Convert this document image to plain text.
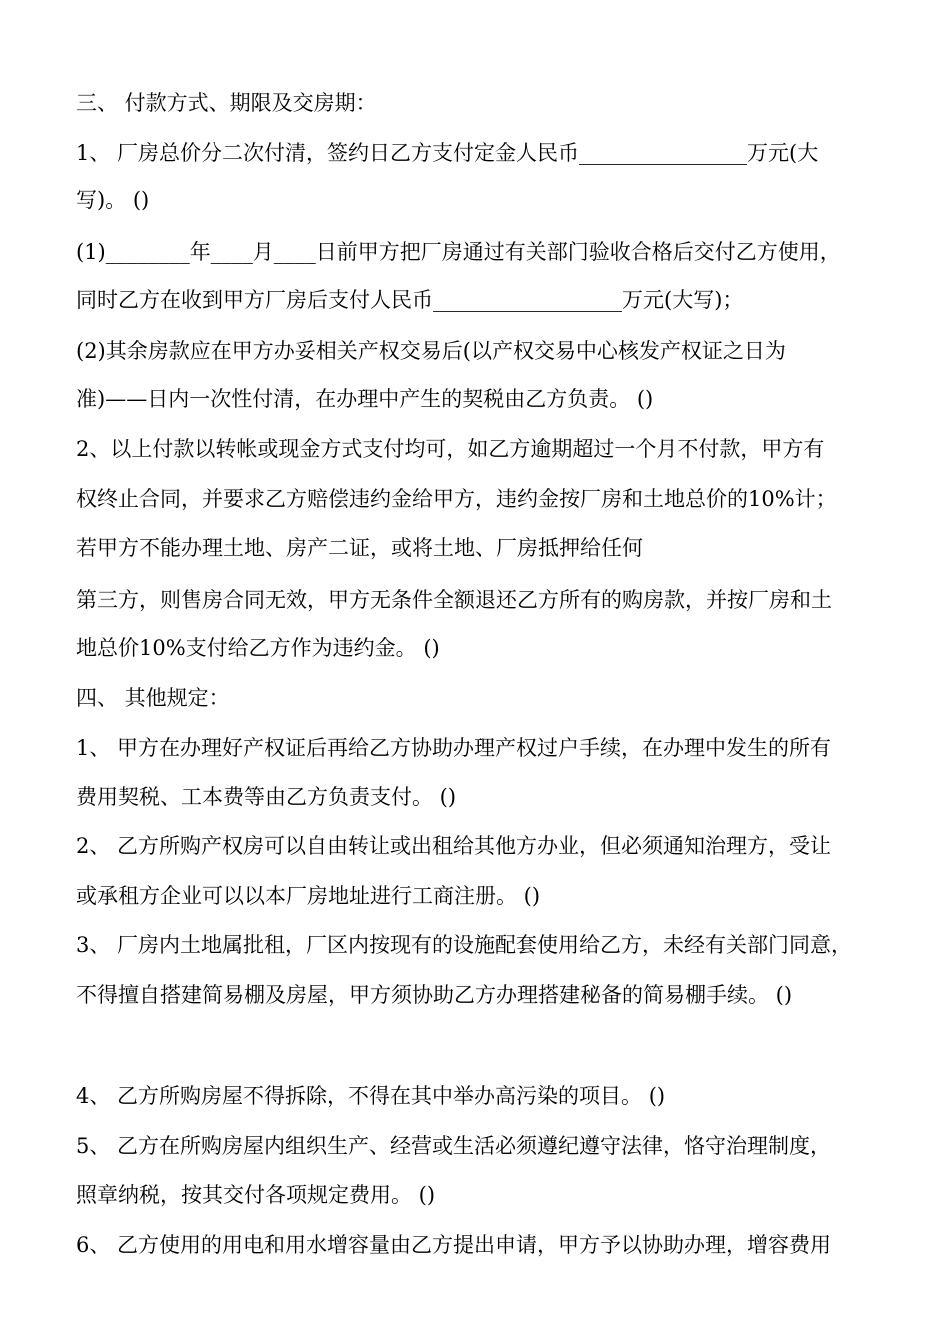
三、 付款方式、期限及交房期：
1、 厂房总价分二次付清，签约日乙方支付定金人民币________________万元(大
写)。 ()
(1)________年____月____日前甲方把厂房通过有关部门验收合格后交付乙方使用，
同时乙方在收到甲方厂房后支付人民币__________________万元(大写)；
(2)其余房款应在甲方办妥相关产权交易后(以产权交易中心核发产权证之日为
准)——日内一次性付清，在办理中产生的契税由乙方负责。 ()
2、以上付款以转帐或现金方式支付均可，如乙方逾期超过一个月不付款，甲方有
权终止合同，并要求乙方赔偿违约金给甲方，违约金按厂房和土地总价的10%计；
若甲方不能办理土地、房产二证，或将土地、厂房抵押给任何
第三方，则售房合同无效，甲方无条件全额退还乙方所有的购房款，并按厂房和土
地总价10%支付给乙方作为违约金。 ()
四、 其他规定：
1、 甲方在办理好产权证后再给乙方协助办理产权过户手续，在办理中发生的所有
费用契税、工本费等由乙方负责支付。 ()
2、 乙方所购产权房可以自由转让或出租给其他方办业，但必须通知治理方，受让
或承租方企业可以以本厂房地址进行工商注册。 ()
3、 厂房内土地属批租，厂区内按现有的设施配套使用给乙方，未经有关部门同意，
不得擅自搭建简易棚及房屋，甲方须协助乙方办理搭建秘备的简易棚手续。 ()
4、 乙方所购房屋不得拆除，不得在其中举办高污染的项目。 ()
5、 乙方在所购房屋内组织生产、经营或生活必须遵纪遵守法律，恪守治理制度，
照章纳税，按其交付各项规定费用。 ()
6、 乙方使用的用电和用水增容量由乙方提出申请，甲方予以协助办理，增容费用
